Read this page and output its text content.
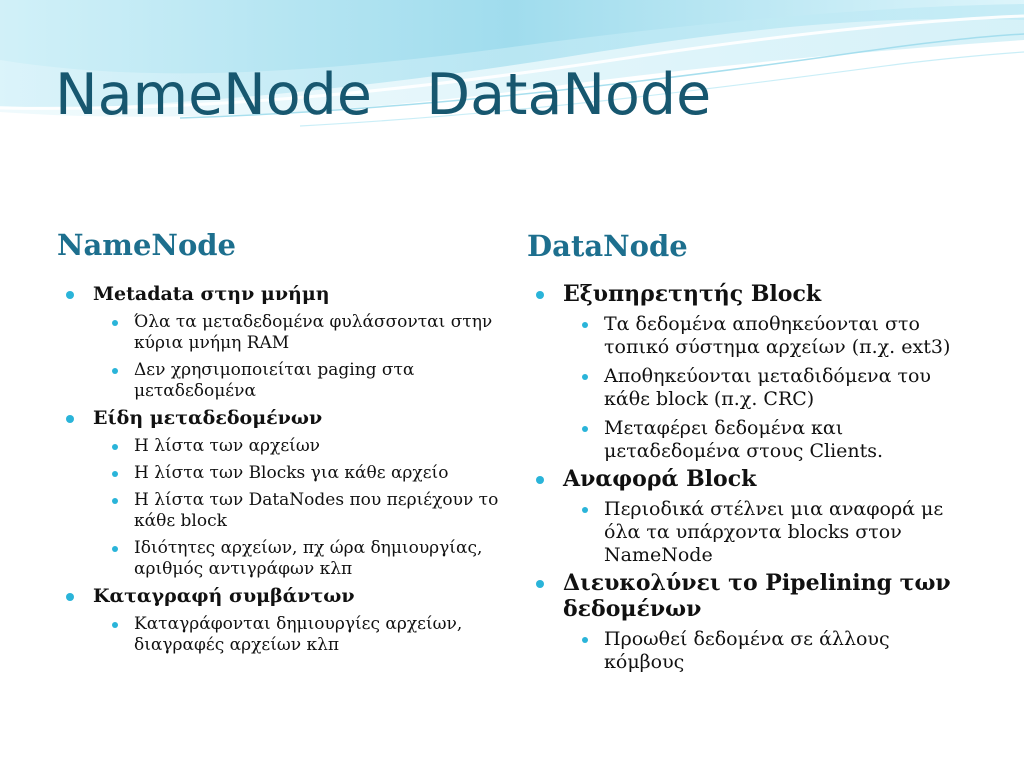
NameNode   DataNode
NameNode	DataNode
Metadata στην μνήμη
Όλα τα μεταδεδομένα φυλάσσονται στην κύρια μνήμη RAM
Δεν χρησιμοποιείται paging στα μεταδεδομένα
Είδη μεταδεδομένων
Η λίστα των αρχείων
Η λίστα των Blocks για κάθε αρχείο
Η λίστα των DataNodes που περιέχουν το κάθε block
Ιδιότητες αρχείων, πχ ώρα δημιουργίας, αριθμός αντιγράφων κλπ
Καταγραφή συμβάντων
Καταγράφονται δημιουργίες αρχείων, διαγραφές αρχείων κλπ
Εξυπηρετητής Block
Τα δεδομένα αποθηκεύονται στο τοπικό σύστημα αρχείων (π.χ. ext3)
Αποθηκεύονται μεταδιδόμενα του κάθε block (π.χ. CRC)
Μεταφέρει δεδομένα και μεταδεδομένα στους Clients.
Αναφορά Block
Περιοδικά στέλνει μια αναφορά με όλα τα υπάρχοντα blocks στον NameNode
Διευκολύνει το Pipelining των δεδομένων
Προωθεί δεδομένα σε άλλους κόμβους
